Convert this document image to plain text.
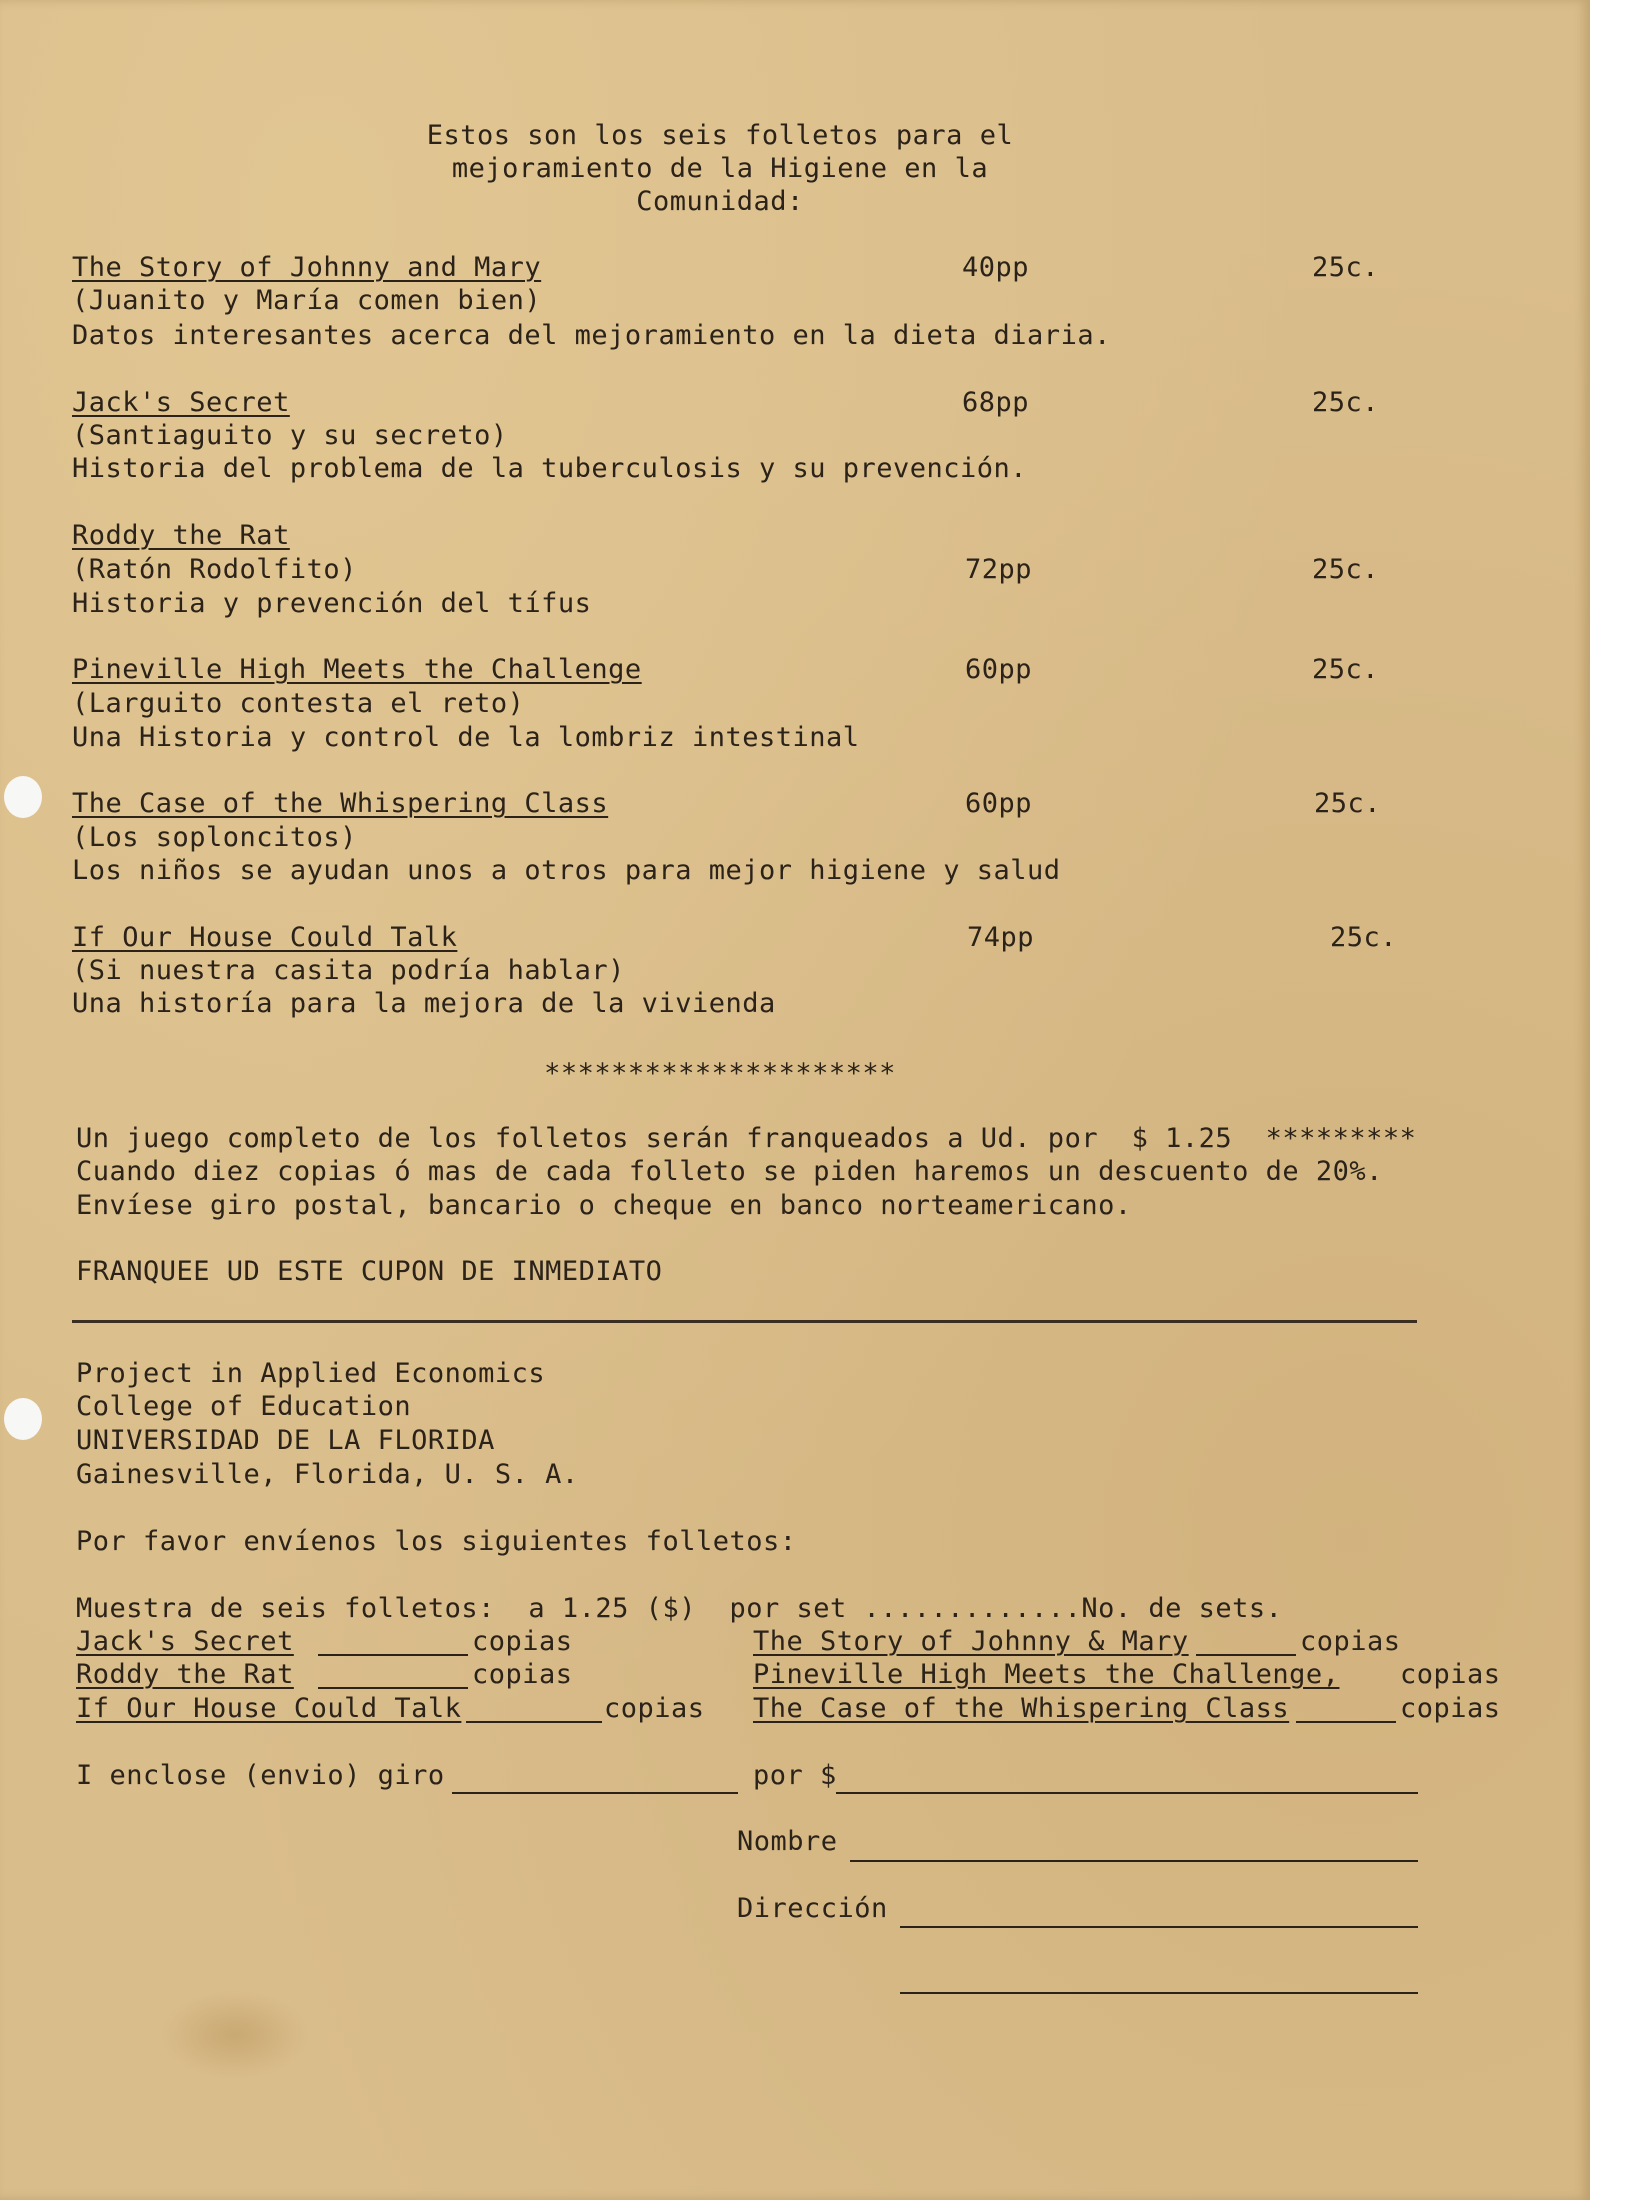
Estos son los seis folletos para el
mejoramiento de la Higiene en la
Comunidad:
The Story of Johnny and Mary	40pp	25c.
(Juanito y María comen bien)
Datos interesantes acerca del mejoramiento en la dieta diaria.
Jack's Secret	68pp	25c.
(Santiaguito y su secreto)
Historia del problema de la tuberculosis y su prevención.
Roddy the Rat
(Ratón Rodolfito)	72pp	25c.
Historia y prevención del tífus
Pineville High Meets the Challenge	60pp	25c.
(Larguito contesta el reto)
Una Historia y control de la lombriz intestinal
The Case of the Whispering Class	60pp	25c.
(Los soploncitos)
Los niños se ayudan unos a otros para mejor higiene y salud
If Our House Could Talk	74pp	25c.
(Si nuestra casita podría hablar)
Una historía para la mejora de la vivienda
*********************
Un juego completo de los folletos serán franqueados a Ud. por  $ 1.25  *********
Cuando diez copias ó mas de cada folleto se piden haremos un descuento de 20%.
Envíese giro postal, bancario o cheque en banco norteamericano.
FRANQUEE UD ESTE CUPON DE INMEDIATO
Project in Applied Economics
College of Education
UNIVERSIDAD DE LA FLORIDA
Gainesville, Florida, U. S. A.
Por favor envíenos los siguientes folletos:
Muestra de seis folletos:  a 1.25 ($)  por set .............No. de sets.
Jack's Secret	copias	The Story of Johnny & Mary	copias
Roddy the Rat	copias	Pineville High Meets the Challenge, copias
If Our House Could Talk	copias The Case of the Whispering Class	copias
I enclose (envio) giro	por $
Nombre
Dirección
